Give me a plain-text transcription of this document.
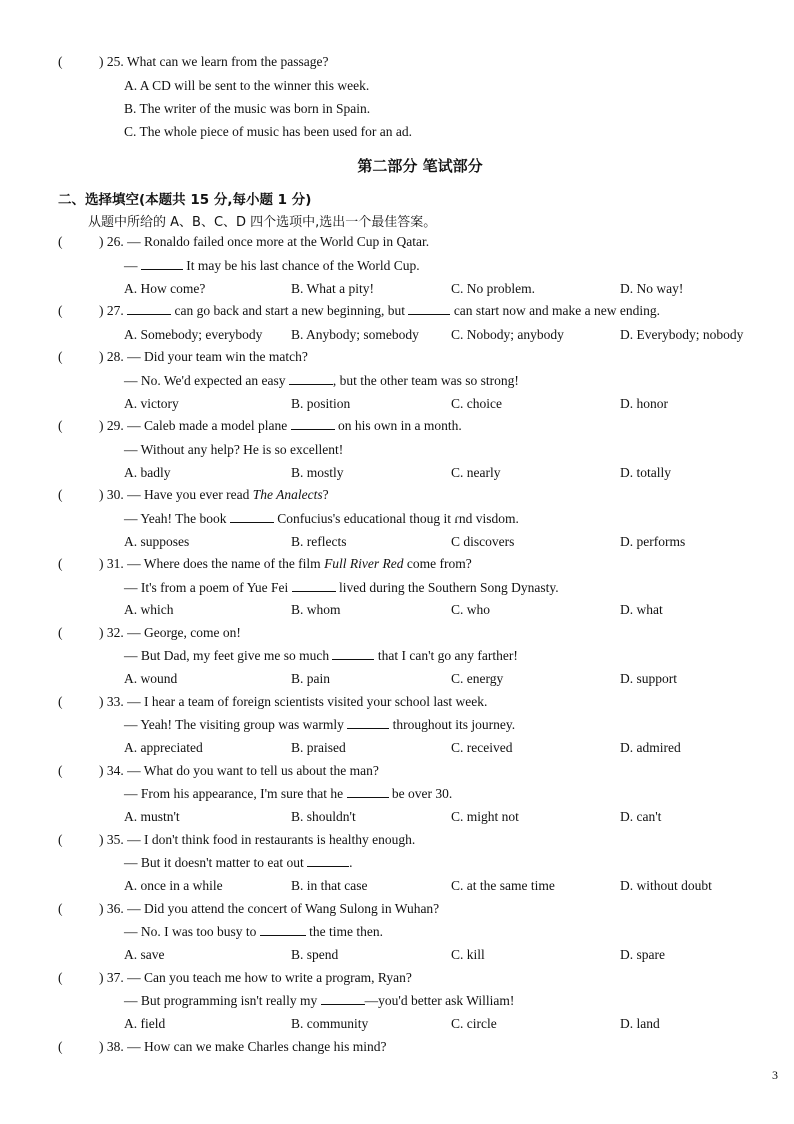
(	) 25. What can we learn from the passage?
A. A CD will be sent to the winner this week.
B. The writer of the music was born in Spain.
C. The whole piece of music has been used for an ad.
第二部分 笔试部分
二、选择填空(本题共 15 分,每小题 1 分)
从题中所给的 A、B、C、D 四个选项中,选出一个最佳答案。
(	) 26. — Ronaldo failed once more at the World Cup in Qatar.
—	It may be his last chance of the World Cup.
A. How come?	B. What a pity!	C. No problem.	D. No way!
(	) 27.	can go back and start a new beginning, but	can start now and make a new ending.
A. Somebody; everybody B. Anybody; somebody C. Nobody; anybody	D. Everybody; nobody
(	) 28. — Did your team win the match?
— No. We'd expected an easy	, but the other team was so strong!
A. victory	B. position	C. choice	D. honor
(	) 29. — Caleb made a model plane	on his own in a month.
— Without any help? He is so excellent!
A. badly	B. mostly	C. nearly	D. totally
(	) 30. — Have you ever read The Analects?
— Yeah! The book	Confucius's educational thoug it ɾnd visdom.
A. supposes	B. reflects	C discovers	D. performs
(	) 31. — Where does the name of the film Full River Red come from?
— It's from a poem of Yue Fei	lived during the Southern Song Dynasty.
A. which	B. whom	C. who	D. what
(	) 32. — George, come on!
— But Dad, my feet give me so much	that I can't go any farther!
A. wound	B. pain	C. energy	D. support
(	) 33. — I hear a team of foreign scientists visited your school last week.
— Yeah! The visiting group was warmly	throughout its journey.
A. appreciated	B. praised	C. received	D. admired
(	) 34. — What do you want to tell us about the man?
— From his appearance, I'm sure that he	be over 30.
A. mustn't	B. shouldn't	C. might not	D. can't
(	) 35. — I don't think food in restaurants is healthy enough.
— But it doesn't matter to eat out	.
A. once in a while	B. in that case	C. at the same time	D. without doubt
(	) 36. — Did you attend the concert of Wang Sulong in Wuhan?
— No. I was too busy to	the time then.
A. save	B. spend	C. kill	D. spare
(	) 37. — Can you teach me how to write a program, Ryan?
— But programming isn't really my	—you'd better ask William!
A. field	B. community	C. circle	D. land
(	) 38. — How can we make Charles change his mind?
3
